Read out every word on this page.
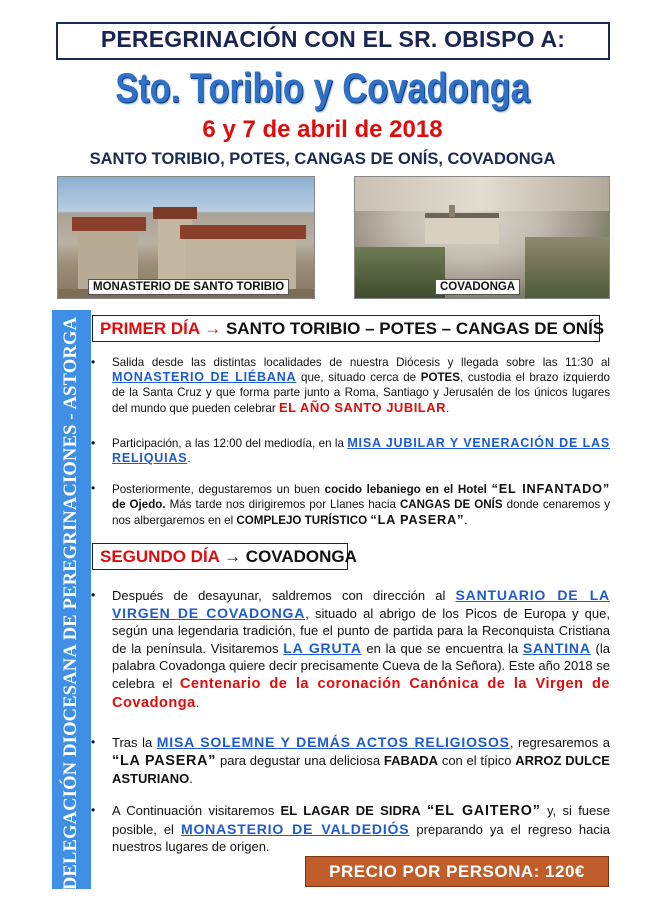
PEREGRINACIÓN CON EL SR. OBISPO A:
Sto. Toribio y Covadonga
6 y 7 de abril de 2018
SANTO TORIBIO, POTES, CANGAS DE ONÍS, COVADONGA
MONASTERIO DE SANTO TORIBIO	COVADONGA
DELEGACIÓN DIOCESANA DE PEREGRINACIONES - ASTORGA	PRIMER DÍA → SANTO TORIBIO – POTES – CANGAS DE ONÍS
• Salida desde las distintas localidades de nuestra Diócesis y llegada sobre las 11:30 al MONASTERIO DE LIÉBANA que, situado cerca de POTES, custodia el brazo izquierdo de la Santa Cruz y que forma parte junto a Roma, Santiago y Jerusalén de los únicos lugares del mundo que pueden celebrar EL AÑO SANTO JUBILAR.
• Participación, a las 12:00 del mediodía, en la MISA JUBILAR Y VENERACIÓN DE LAS RELIQUIAS.
• Posteriormente, degustaremos un buen cocido lebaniego en el Hotel “EL INFANTADO” de Ojedo. Más tarde nos dirigiremos por Llanes hacia CANGAS DE ONÍS donde cenaremos y nos albergaremos en el COMPLEJO TURÍSTICO “LA PASERA”.
SEGUNDO DÍA → COVADONGA
• Después de desayunar, saldremos con dirección al SANTUARIO DE LA VIRGEN DE COVADONGA, situado al abrigo de los Picos de Europa y que, según una legendaria tradición, fue el punto de partida para la Reconquista Cristiana de la península. Visitaremos LA GRUTA en la que se encuentra la SANTINA (la palabra Covadonga quiere decir precisamente Cueva de la Señora). Este año 2018 se celebra el Centenario de la coronación Canónica de la Virgen de Covadonga.
• Tras la MISA SOLEMNE Y DEMÁS ACTOS RELIGIOSOS, regresaremos a “LA PASERA” para degustar una deliciosa FABADA con el típico ARROZ DULCE ASTURIANO.
• A Continuación visitaremos EL LAGAR DE SIDRA “EL GAITERO” y, si fuese posible, el MONASTERIO DE VALDEDIÓS preparando ya el regreso hacia nuestros lugares de origen.
PRECIO POR PERSONA: 120€
